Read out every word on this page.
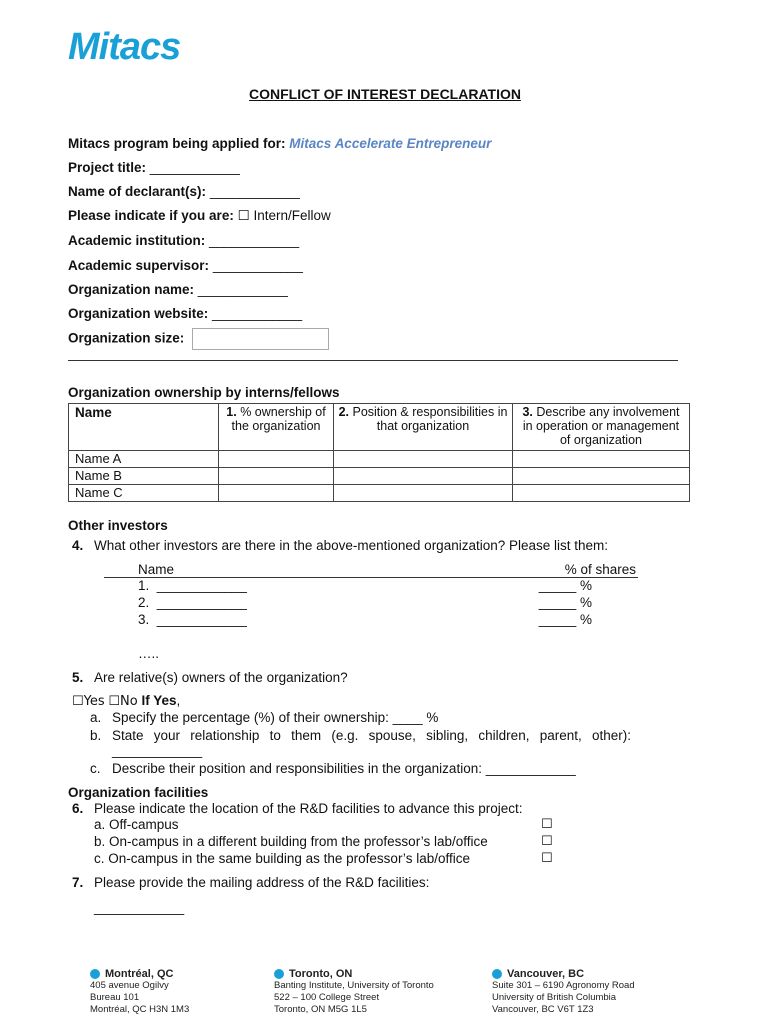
Mitacs
CONFLICT OF INTEREST DECLARATION
Mitacs program being applied for: Mitacs Accelerate Entrepreneur
Project title: ____________
Name of declarant(s): ____________
Please indicate if you are: ☐ Intern/Fellow
Academic institution: ____________
Academic supervisor: ____________
Organization name: ____________
Organization website: ____________
Organization size:
Organization ownership by interns/fellows
Name	1. % ownership of the organization	2. Position & responsibilities in that organization	3. Describe any involvement in operation or management of organization
Name A			
Name B			
Name C			
Other investors
4. What other investors are there in the above-mentioned organization? Please list them:
Name	% of shares
1. ____________	_____ %
2. ____________	_____ %
3. ____________	_____ %
…..
5. Are relative(s) owners of the organization?
☐Yes ☐No If Yes,
a. Specify the percentage (%) of their ownership: ____ %
b. State your relationship to them (e.g. spouse, sibling, children, parent, other):
____________
c. Describe their position and responsibilities in the organization: ____________
Organization facilities
6. Please indicate the location of the R&D facilities to advance this project:
a. Off-campus	☐
b. On-campus in a different building from the professor’s lab/office	☐
c. On-campus in the same building as the professor’s lab/office	☐
7. Please provide the mailing address of the R&D facilities:
____________
Montréal, QC
405 avenue Ogilvy
Bureau 101
Montréal, QC H3N 1M3
Toronto, ON
Banting Institute, University of Toronto
522 – 100 College Street
Toronto, ON M5G 1L5
Vancouver, BC
Suite 301 – 6190 Agronomy Road
University of British Columbia
Vancouver, BC V6T 1Z3
